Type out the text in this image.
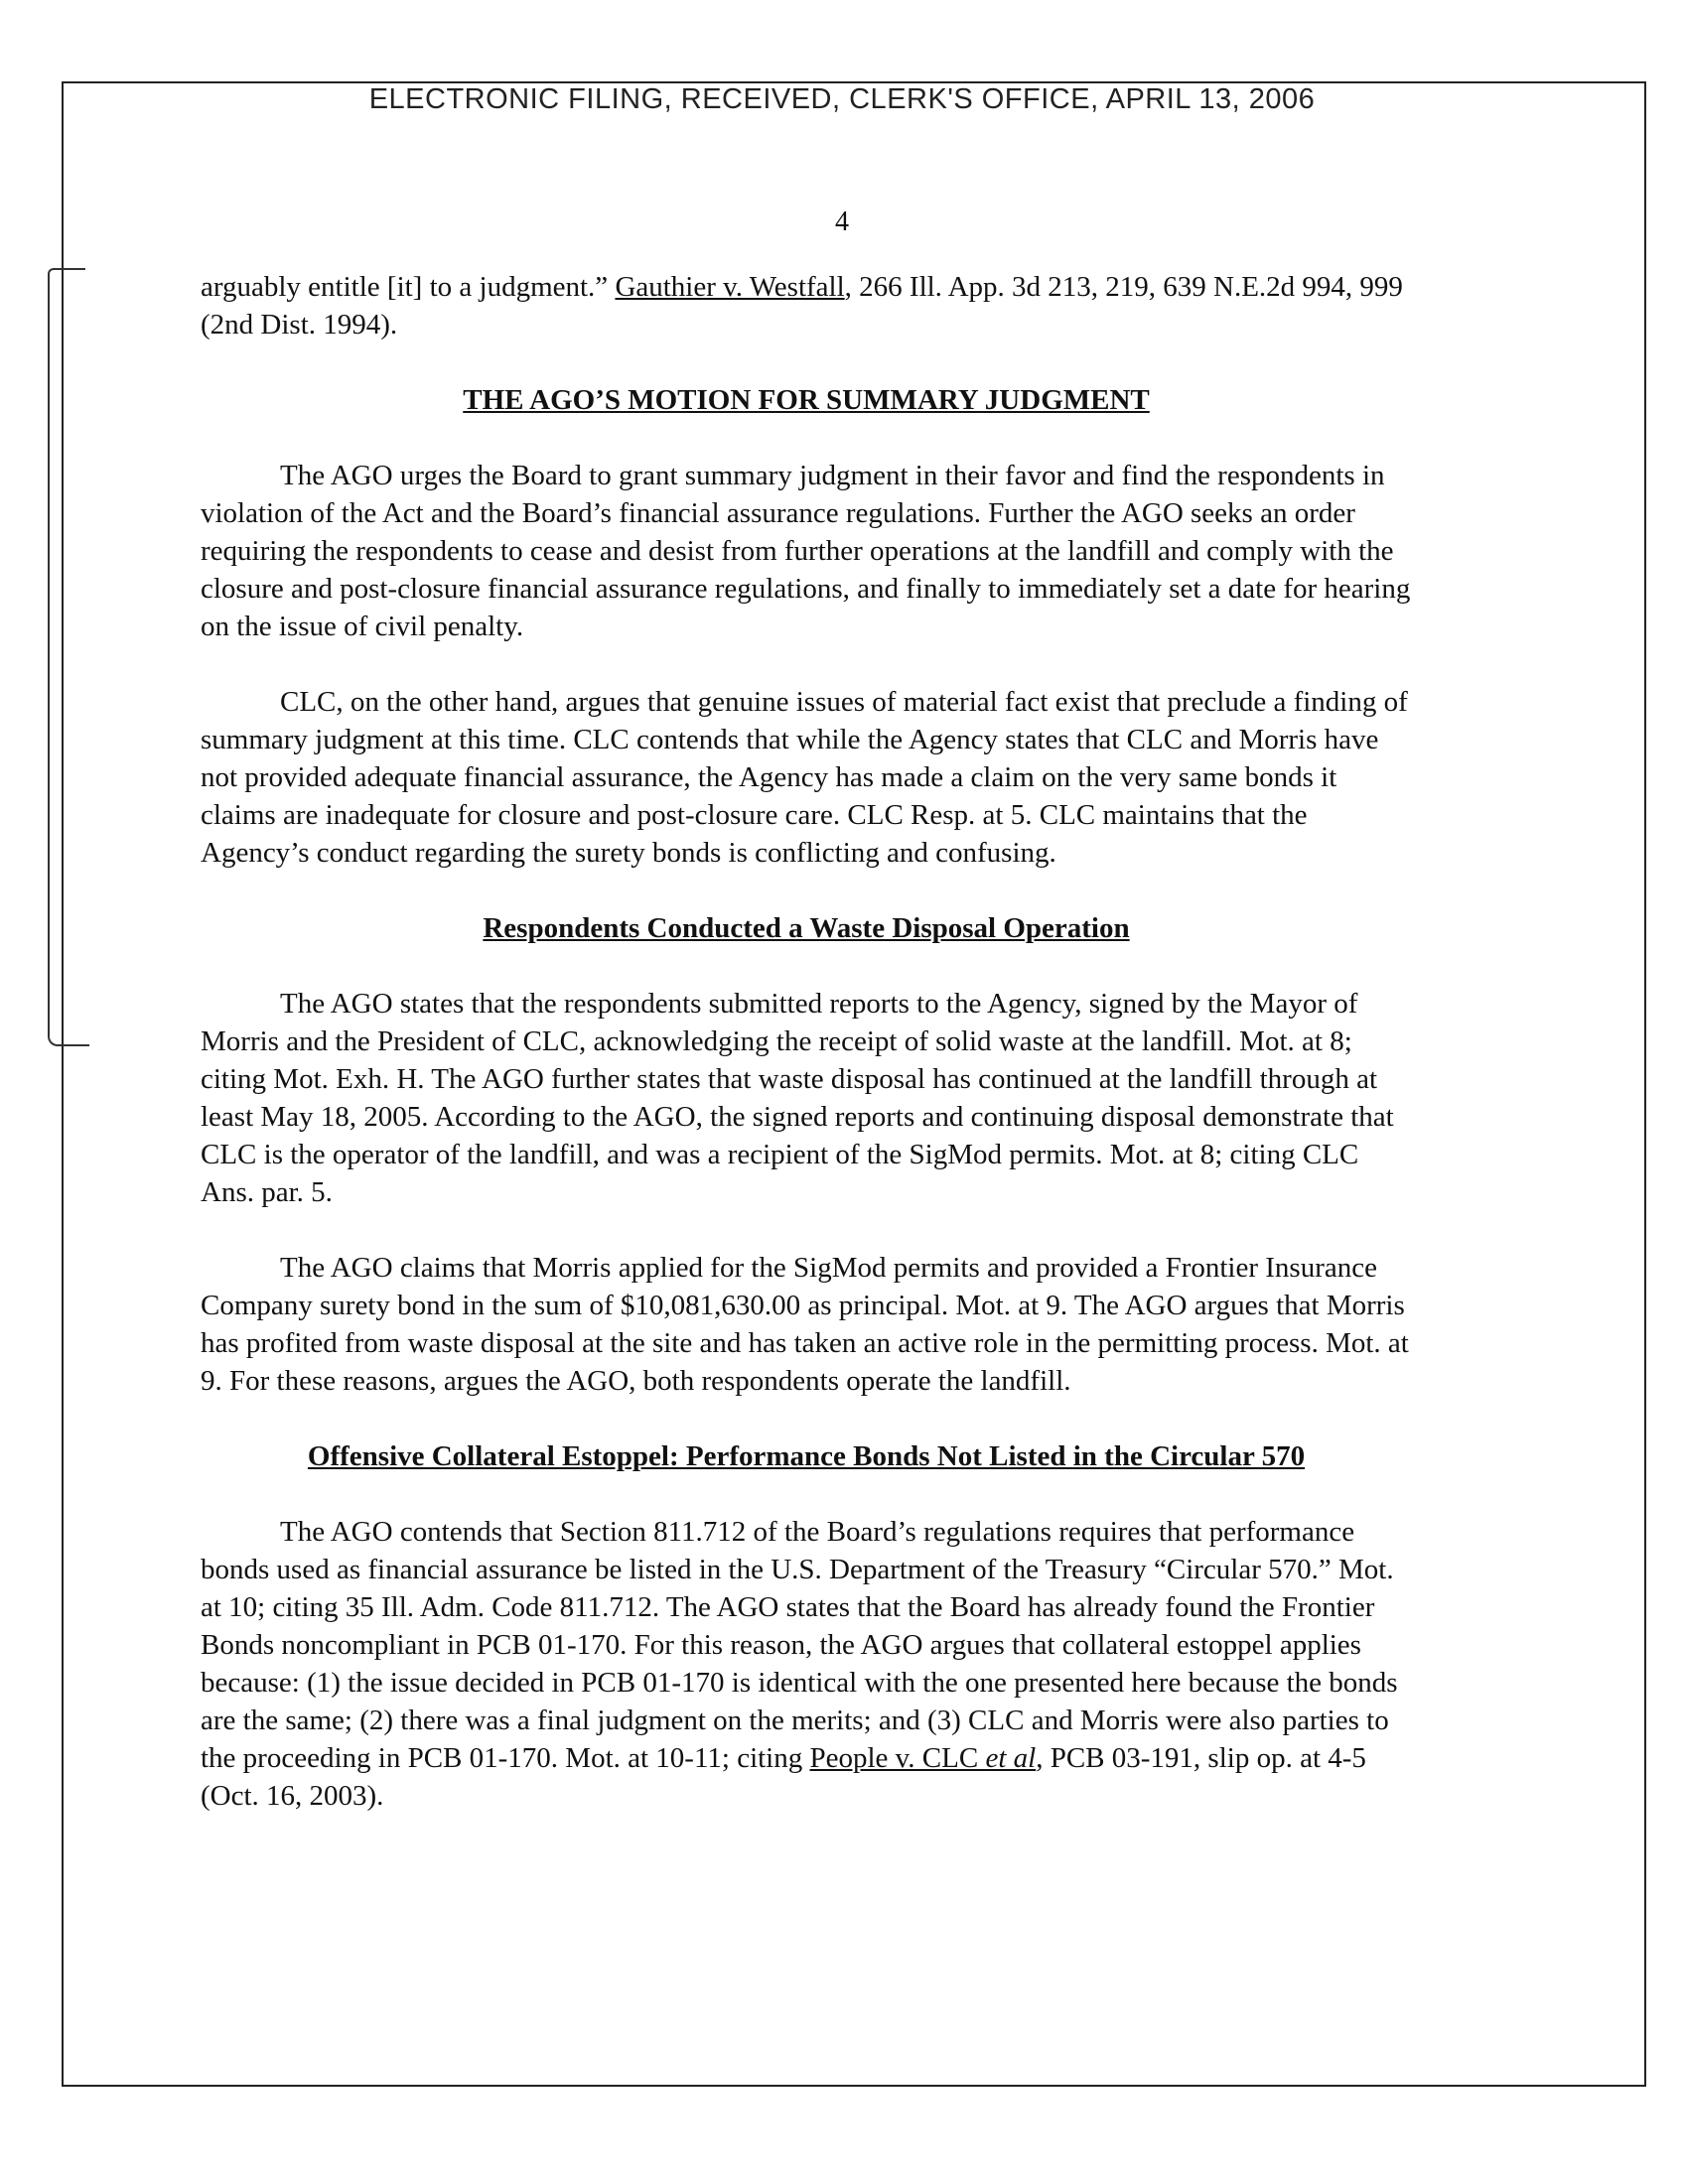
ELECTRONIC FILING, RECEIVED, CLERK'S OFFICE, APRIL 13, 2006
4

arguably entitle [it] to a judgment.” Gauthier v. Westfall, 266 Ill. App. 3d 213, 219, 639 N.E.2d 994, 999 (2nd Dist. 1994).

THE AGO’S MOTION FOR SUMMARY JUDGMENT

The AGO urges the Board to grant summary judgment in their favor and find the respondents in violation of the Act and the Board’s financial assurance regulations. Further the AGO seeks an order requiring the respondents to cease and desist from further operations at the landfill and comply with the closure and post-closure financial assurance regulations, and finally to immediately set a date for hearing on the issue of civil penalty.

CLC, on the other hand, argues that genuine issues of material fact exist that preclude a finding of summary judgment at this time. CLC contends that while the Agency states that CLC and Morris have not provided adequate financial assurance, the Agency has made a claim on the very same bonds it claims are inadequate for closure and post-closure care. CLC Resp. at 5. CLC maintains that the Agency’s conduct regarding the surety bonds is conflicting and confusing.

Respondents Conducted a Waste Disposal Operation

The AGO states that the respondents submitted reports to the Agency, signed by the Mayor of Morris and the President of CLC, acknowledging the receipt of solid waste at the landfill. Mot. at 8; citing Mot. Exh. H. The AGO further states that waste disposal has continued at the landfill through at least May 18, 2005. According to the AGO, the signed reports and continuing disposal demonstrate that CLC is the operator of the landfill, and was a recipient of the SigMod permits. Mot. at 8; citing CLC Ans. par. 5.

The AGO claims that Morris applied for the SigMod permits and provided a Frontier Insurance Company surety bond in the sum of $10,081,630.00 as principal. Mot. at 9. The AGO argues that Morris has profited from waste disposal at the site and has taken an active role in the permitting process. Mot. at 9. For these reasons, argues the AGO, both respondents operate the landfill.

Offensive Collateral Estoppel: Performance Bonds Not Listed in the Circular 570

The AGO contends that Section 811.712 of the Board’s regulations requires that performance bonds used as financial assurance be listed in the U.S. Department of the Treasury “Circular 570.” Mot. at 10; citing 35 Ill. Adm. Code 811.712. The AGO states that the Board has already found the Frontier Bonds noncompliant in PCB 01-170. For this reason, the AGO argues that collateral estoppel applies because: (1) the issue decided in PCB 01-170 is identical with the one presented here because the bonds are the same; (2) there was a final judgment on the merits; and (3) CLC and Morris were also parties to the proceeding in PCB 01-170. Mot. at 10-11; citing People v. CLC et al, PCB 03-191, slip op. at 4-5 (Oct. 16, 2003).
